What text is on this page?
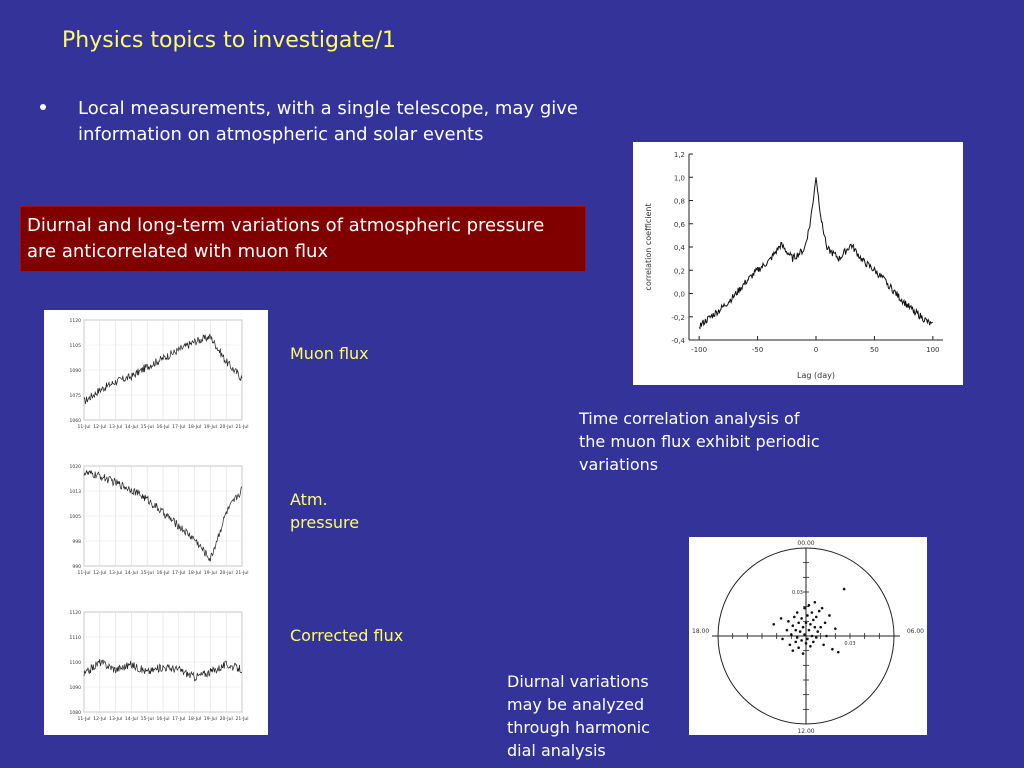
Physics topics to investigate/1
Local measurements, with a single telescope, may give information on atmospheric and solar events
Diurnal and long-term variations of atmospheric pressure are anticorrelated with muon flux
11-Jul 12-Jul 13-Jul 14-Jul 15-Jul 16-Jul 17-Jul 18-Jul 19-Jul 20-Jul 21-Jul
1060
1075
1090
1105
1120
11-Jul 12-Jul 13-Jul 14-Jul 15-Jul 16-Jul 17-Jul 18-Jul 19-Jul 20-Jul 21-Jul
990
998
1005
1013
1020
11-Jul 12-Jul 13-Jul 14-Jul 15-Jul 16-Jul 17-Jul 18-Jul 19-Jul 20-Jul 21-Jul
1080
1090
1100
1110
1120
Muon flux
Atm.
pressure
Corrected flux
-0,4
-0,2
0,0
0,2
0,4
0,6
0,8
1,0
1,2
-100	-50	0	50	100
Lag (day)
correlation coefficient
Time correlation analysis of the muon flux exhibit periodic variations
00.00
12.00
18.00	06.00
0.03
0.03
Diurnal variations may be analyzed through harmonic dial analysis
